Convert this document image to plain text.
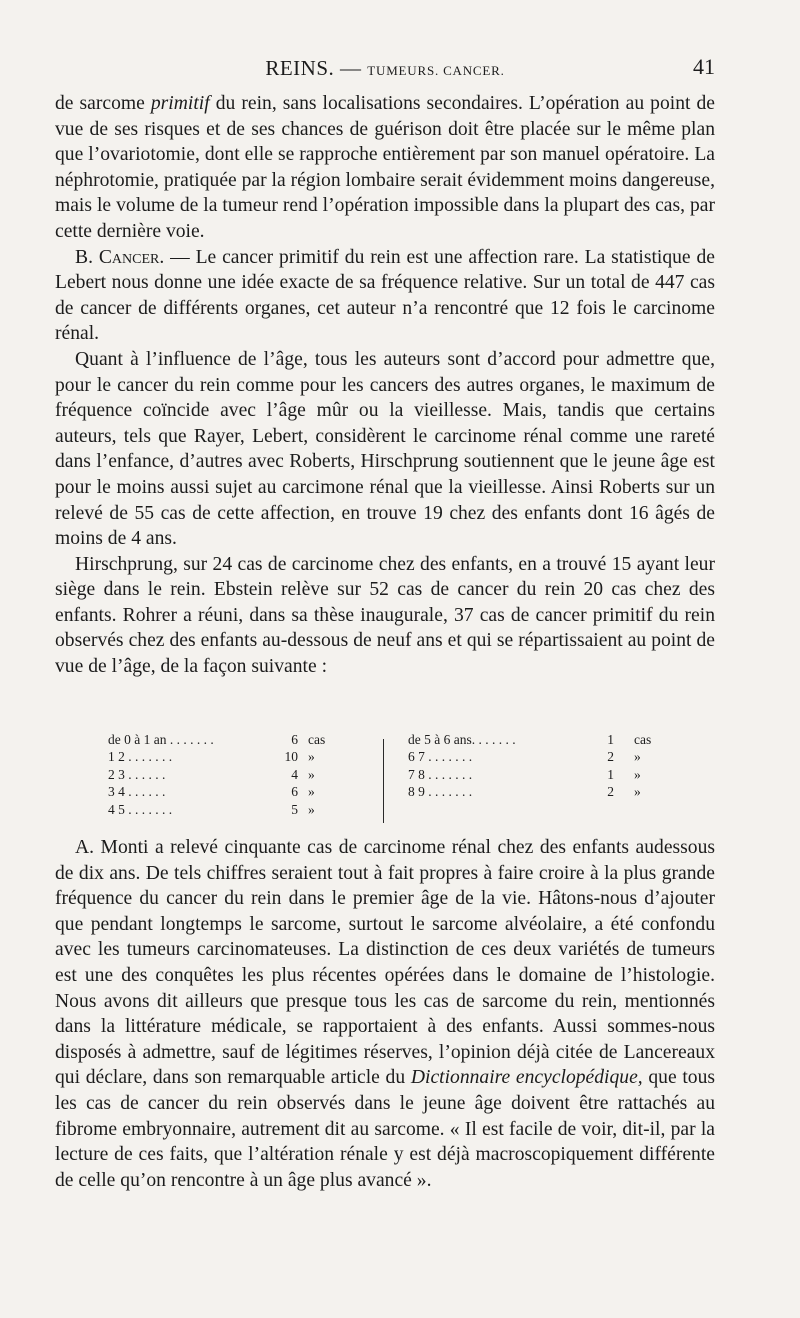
REINS. — TUMEURS. CANCER.	41

de sarcome primitif du rein, sans localisations secondaires. L’opération au point de vue de ses risques et de ses chances de guérison doit être placée sur le même plan que l’ovariotomie, dont elle se rapproche entièrement par son manuel opératoire. La néphrotomie, pratiquée par la région lombaire serait évidemment moins dangereuse, mais le volume de la tumeur rend l’opération impossible dans la plupart des cas, par cette dernière voie.

B. Cancer. — Le cancer primitif du rein est une affection rare. La statistique de Lebert nous donne une idée exacte de sa fréquence relative. Sur un total de 447 cas de cancer de différents organes, cet auteur n’a rencontré que 12 fois le carcinome rénal.

Quant à l’influence de l’âge, tous les auteurs sont d’accord pour admettre que, pour le cancer du rein comme pour les cancers des autres organes, le maximum de fréquence coïncide avec l’âge mûr ou la vieillesse. Mais, tandis que certains auteurs, tels que Rayer, Lebert, considèrent le carcinome rénal comme une rareté dans l’enfance, d’autres avec Roberts, Hirschprung soutiennent que le jeune âge est pour le moins aussi sujet au carcimone rénal que la vieillesse. Ainsi Roberts sur un relevé de 55 cas de cette affection, en trouve 19 chez des enfants dont 16 âgés de moins de 4 ans.

Hirschprung, sur 24 cas de carcinome chez des enfants, en a trouvé 15 ayant leur siège dans le rein. Ebstein relève sur 52 cas de cancer du rein 20 cas chez des enfants. Rohrer a réuni, dans sa thèse inaugurale, 37 cas de cancer primitif du rein observés chez des enfants au-dessous de neuf ans et qui se répartissaient au point de vue de l’âge, de la façon suivante :

de 0 à 1 an . . . . . . .	6 cas
1 2 . . . . . . .	10 »
2 3 . . . . . .	4 »
3 4 . . . . . .	6 »
4 5 . . . . . . .	5 »
de 5 à 6 ans. . . . . . .	1 cas
6 7 . . . . . . .	2 »
7 8 . . . . . . .	1 »
8 9 . . . . . . .	2 »

A. Monti a relevé cinquante cas de carcinome rénal chez des enfants audessous de dix ans. De tels chiffres seraient tout à fait propres à faire croire à la plus grande fréquence du cancer du rein dans le premier âge de la vie. Hâtons-nous d’ajouter que pendant longtemps le sarcome, surtout le sarcome alvéolaire, a été confondu avec les tumeurs carcinomateuses. La distinction de ces deux variétés de tumeurs est une des conquêtes les plus récentes opérées dans le domaine de l’histologie. Nous avons dit ailleurs que presque tous les cas de sarcome du rein, mentionnés dans la littérature médicale, se rapportaient à des enfants. Aussi sommes-nous disposés à admettre, sauf de légitimes réserves, l’opinion déjà citée de Lancereaux qui déclare, dans son remarquable article du Dictionnaire encyclopédique, que tous les cas de cancer du rein observés dans le jeune âge doivent être rattachés au fibrome embryonnaire, autrement dit au sarcome. « Il est facile de voir, dit-il, par la lecture de ces faits, que l’altération rénale y est déjà macroscopiquement différente de celle qu’on rencontre à un âge plus avancé ».
